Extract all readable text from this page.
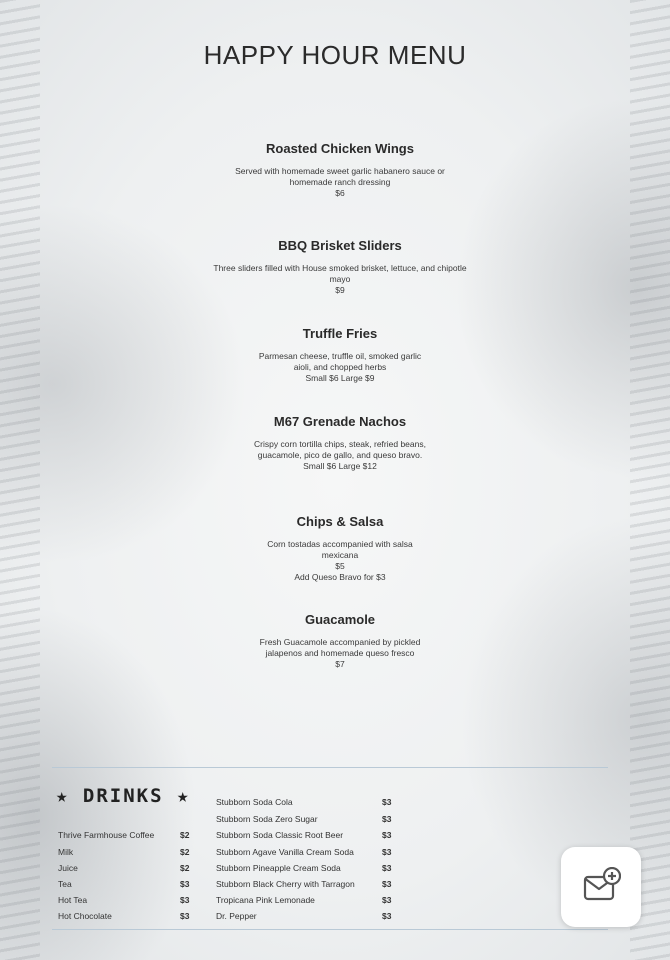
HAPPY HOUR MENU
Roasted Chicken Wings
Served with homemade sweet garlic habanero sauce or homemade ranch dressing
$6
BBQ Brisket Sliders
Three sliders filled with House smoked brisket, lettuce, and chipotle mayo
$9
Truffle Fries
Parmesan cheese, truffle oil, smoked garlic aioli, and chopped herbs
Small $6 Large $9
M67 Grenade Nachos
Crispy corn tortilla chips, steak, refried beans, guacamole, pico de gallo, and queso bravo.
Small $6 Large $12
Chips & Salsa
Corn tostadas accompanied with salsa mexicana
$5
Add Queso Bravo for $3
Guacamole
Fresh Guacamole accompanied by pickled jalapenos and homemade queso fresco
$7
★ DRINKS ★
Thrive Farmhouse Coffee	$2
Milk	$2
Juice	$2
Tea	$3
Hot Tea	$3
Hot Chocolate	$3
Stubborn Soda Cola	$3
Stubborn Soda Zero Sugar	$3
Stubborn Soda Classic Root Beer	$3
Stubborn Agave Vanilla Cream Soda	$3
Stubborn Pineapple Cream Soda	$3
Stubborn Black Cherry with Tarragon	$3
Tropicana Pink Lemonade	$3
Dr. Pepper	$3
